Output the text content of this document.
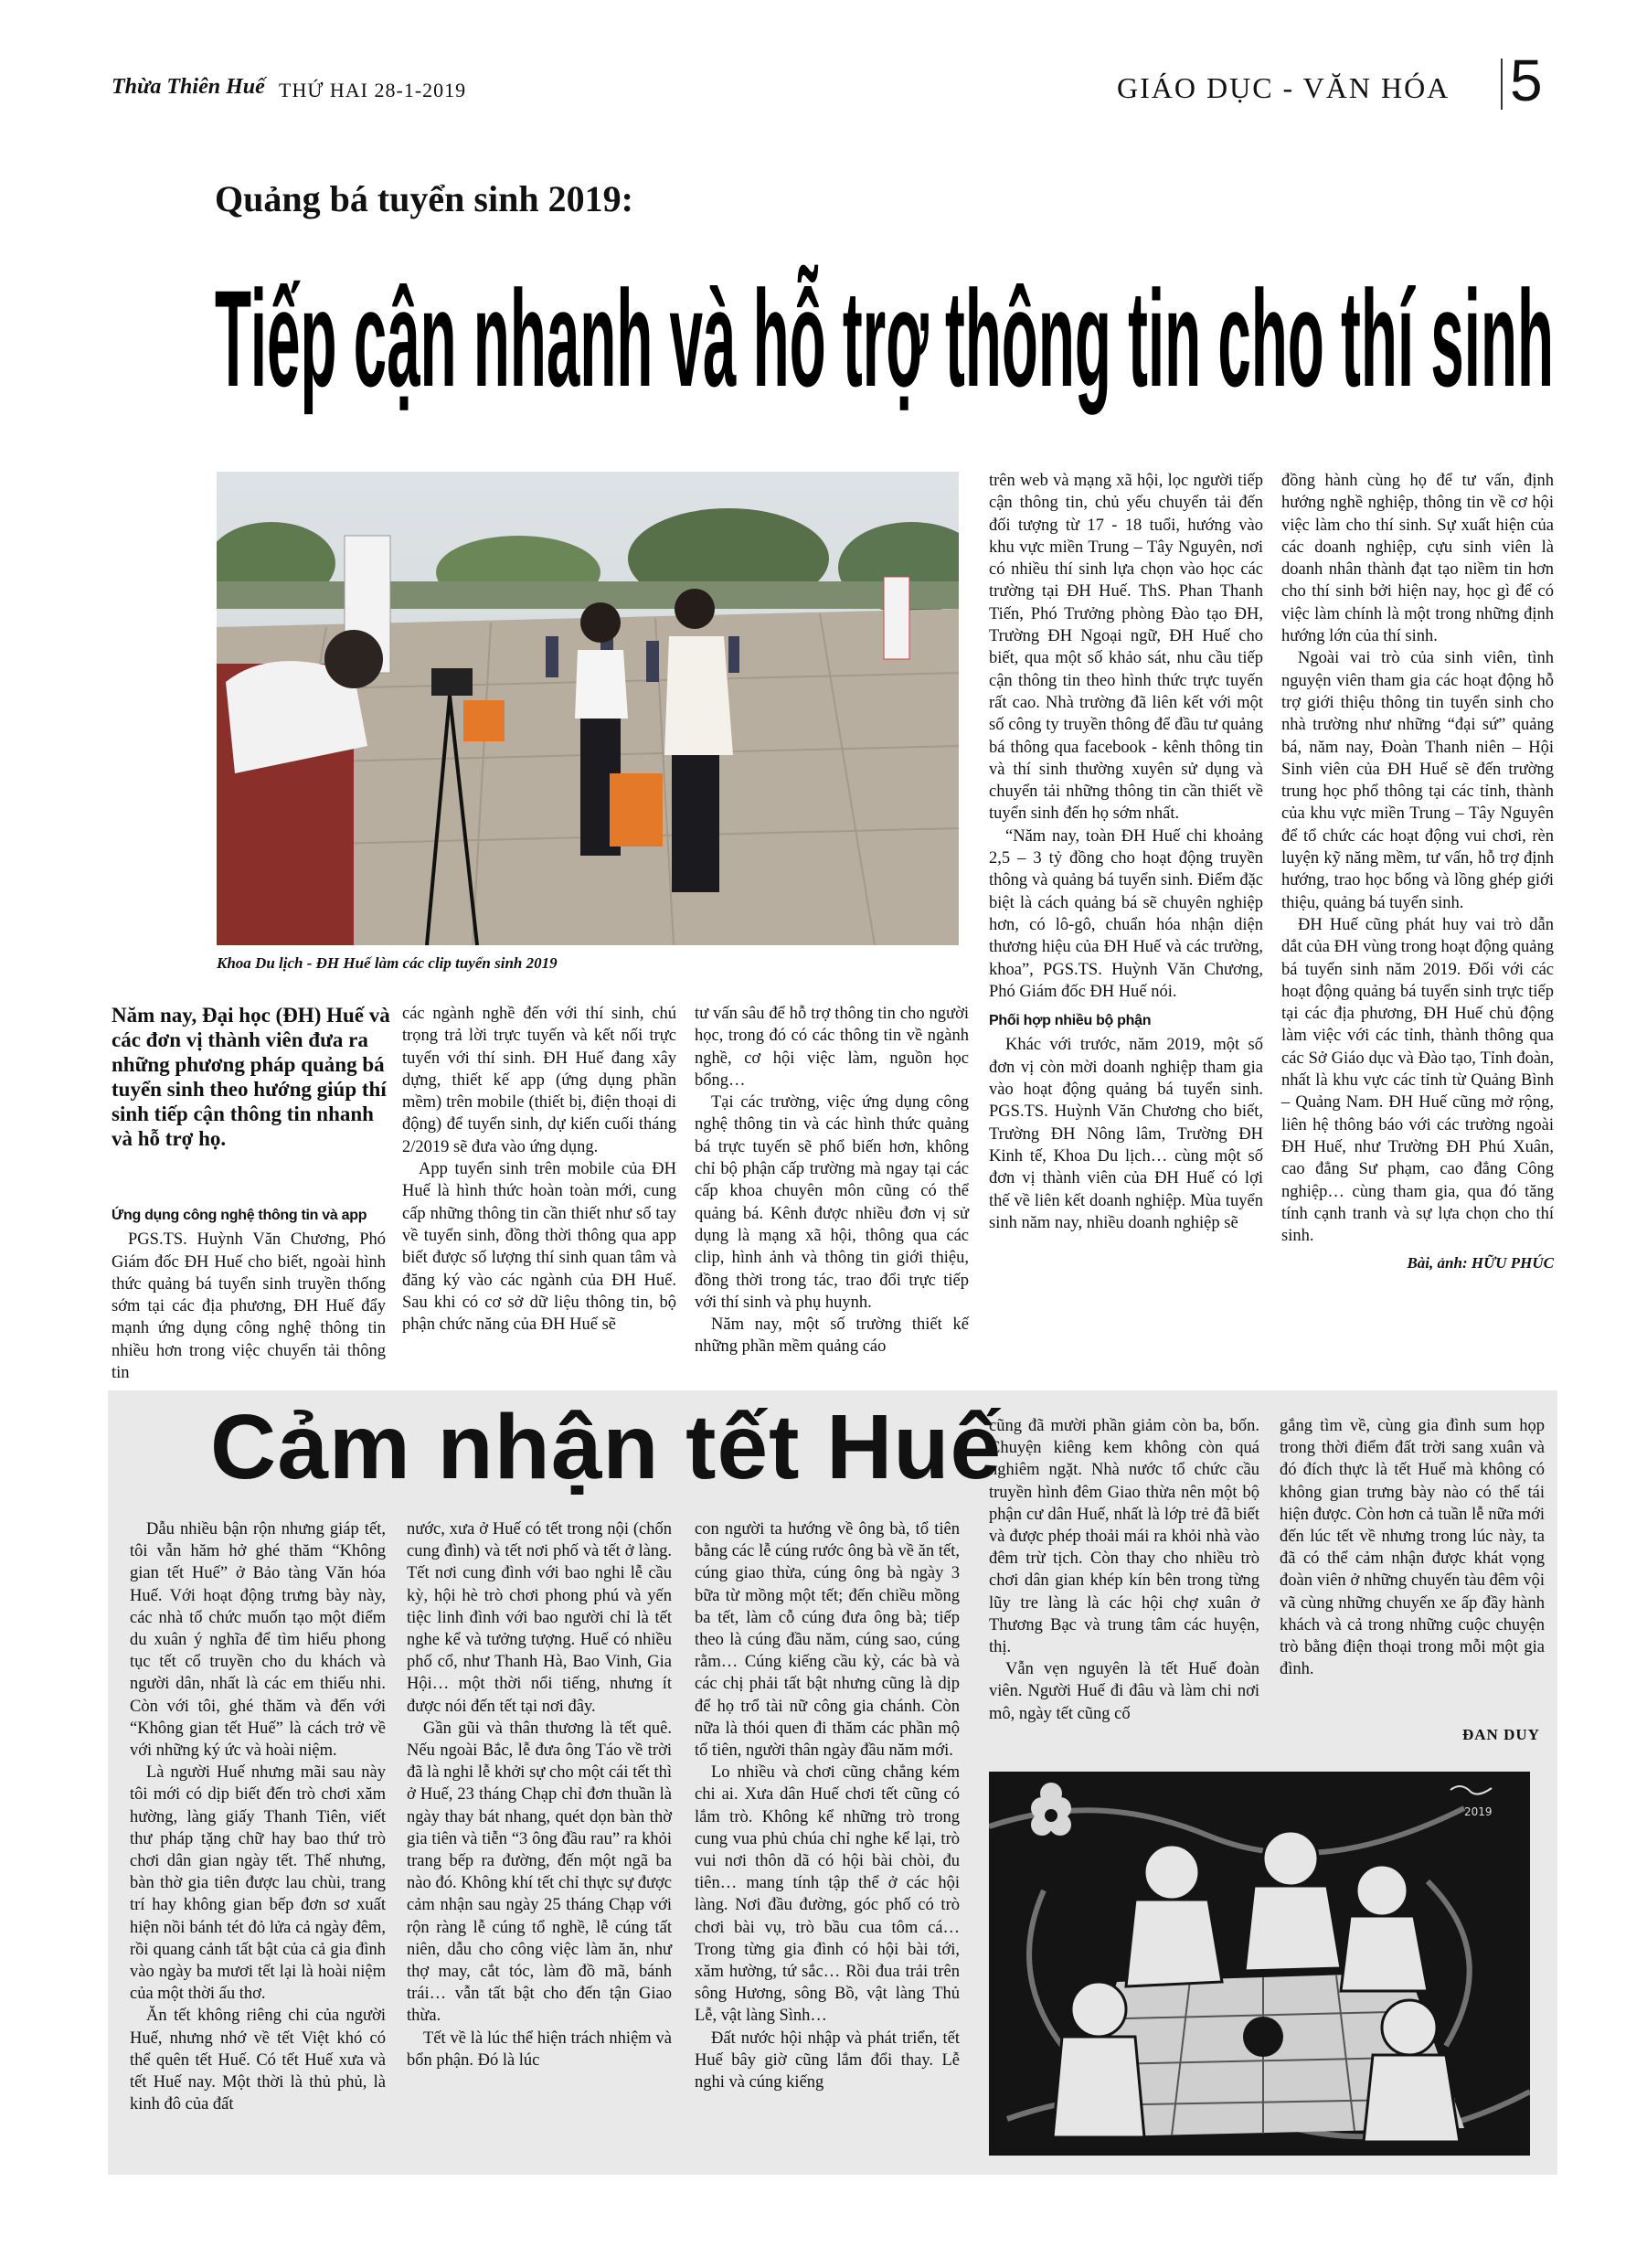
Thừa Thiên Huế THỨ HAI 28-1-2019	GIÁO DỤC - VĂN HÓA 5
Quảng bá tuyển sinh 2019:
Tiếp cận nhanh và hỗ trợ thông tin cho thí sinh
Khoa Du lịch - ĐH Huế làm các clip tuyển sinh 2019
Năm nay, Đại học (ĐH) Huế và các đơn vị thành viên đưa ra những phương pháp quảng bá tuyển sinh theo hướng giúp thí sinh tiếp cận thông tin nhanh và hỗ trợ họ.
Ứng dụng công nghệ thông tin và app

PGS.TS. Huỳnh Văn Chương, Phó Giám đốc ĐH Huế cho biết, ngoài hình thức quảng bá tuyển sinh truyền thống sớm tại các địa phương, ĐH Huế đẩy mạnh ứng dụng công nghệ thông tin nhiều hơn trong việc chuyển tải thông tin

các ngành nghề đến với thí sinh, chú trọng trả lời trực tuyến và kết nối trực tuyến với thí sinh. ĐH Huế đang xây dựng, thiết kế app (ứng dụng phần mềm) trên mobile (thiết bị, điện thoại di động) để tuyển sinh, dự kiến cuối tháng 2/2019 sẽ đưa vào ứng dụng.

App tuyển sinh trên mobile của ĐH Huế là hình thức hoàn toàn mới, cung cấp những thông tin cần thiết như sổ tay về tuyển sinh, đồng thời thông qua app biết được số lượng thí sinh quan tâm và đăng ký vào các ngành của ĐH Huế. Sau khi có cơ sở dữ liệu thông tin, bộ phận chức năng của ĐH Huế sẽ

tư vấn sâu để hỗ trợ thông tin cho người học, trong đó có các thông tin về ngành nghề, cơ hội việc làm, nguồn học bổng…

Tại các trường, việc ứng dụng công nghệ thông tin và các hình thức quảng bá trực tuyến sẽ phổ biến hơn, không chỉ bộ phận cấp trường mà ngay tại các cấp khoa chuyên môn cũng có thể quảng bá. Kênh được nhiều đơn vị sử dụng là mạng xã hội, thông qua các clip, hình ảnh và thông tin giới thiệu, đồng thời trong tác, trao đổi trực tiếp với thí sinh và phụ huynh.

Năm nay, một số trường thiết kế những phần mềm quảng cáo

trên web và mạng xã hội, lọc người tiếp cận thông tin, chủ yếu chuyển tải đến đối tượng từ 17 - 18 tuổi, hướng vào khu vực miền Trung – Tây Nguyên, nơi có nhiều thí sinh lựa chọn vào học các trường tại ĐH Huế. ThS. Phan Thanh Tiến, Phó Trưởng phòng Đào tạo ĐH, Trường ĐH Ngoại ngữ, ĐH Huế cho biết, qua một số khảo sát, nhu cầu tiếp cận thông tin theo hình thức trực tuyến rất cao. Nhà trường đã liên kết với một số công ty truyền thông để đầu tư quảng bá thông qua facebook - kênh thông tin và thí sinh thường xuyên sử dụng và chuyển tải những thông tin cần thiết về tuyển sinh đến họ sớm nhất.

“Năm nay, toàn ĐH Huế chi khoảng 2,5 – 3 tỷ đồng cho hoạt động truyền thông và quảng bá tuyển sinh. Điểm đặc biệt là cách quảng bá sẽ chuyên nghiệp hơn, có lô-gô, chuẩn hóa nhận diện thương hiệu của ĐH Huế và các trường, khoa”, PGS.TS. Huỳnh Văn Chương, Phó Giám đốc ĐH Huế nói.

Phối hợp nhiều bộ phận

Khác với trước, năm 2019, một số đơn vị còn mời doanh nghiệp tham gia vào hoạt động quảng bá tuyển sinh. PGS.TS. Huỳnh Văn Chương cho biết, Trường ĐH Nông lâm, Trường ĐH Kinh tế, Khoa Du lịch… cùng một số đơn vị thành viên của ĐH Huế có lợi thế về liên kết doanh nghiệp. Mùa tuyển sinh năm nay, nhiều doanh nghiệp sẽ

đồng hành cùng họ để tư vấn, định hướng nghề nghiệp, thông tin về cơ hội việc làm cho thí sinh. Sự xuất hiện của các doanh nghiệp, cựu sinh viên là doanh nhân thành đạt tạo niềm tin hơn cho thí sinh bởi hiện nay, học gì để có việc làm chính là một trong những định hướng lớn của thí sinh.

Ngoài vai trò của sinh viên, tình nguyện viên tham gia các hoạt động hỗ trợ giới thiệu thông tin tuyển sinh cho nhà trường như những “đại sứ” quảng bá, năm nay, Đoàn Thanh niên – Hội Sinh viên của ĐH Huế sẽ đến trường trung học phổ thông tại các tỉnh, thành của khu vực miền Trung – Tây Nguyên để tổ chức các hoạt động vui chơi, rèn luyện kỹ năng mềm, tư vấn, hỗ trợ định hướng, trao học bổng và lồng ghép giới thiệu, quảng bá tuyển sinh.

ĐH Huế cũng phát huy vai trò dẫn dắt của ĐH vùng trong hoạt động quảng bá tuyển sinh năm 2019. Đối với các hoạt động quảng bá tuyển sinh trực tiếp tại các địa phương, ĐH Huế chủ động làm việc với các tỉnh, thành thông qua các Sở Giáo dục và Đào tạo, Tỉnh đoàn, nhất là khu vực các tỉnh từ Quảng Bình – Quảng Nam. ĐH Huế cũng mở rộng, liên hệ thông báo với các trường ngoài ĐH Huế, như Trường ĐH Phú Xuân, cao đẳng Sư phạm, cao đẳng Công nghiệp… cùng tham gia, qua đó tăng tính cạnh tranh và sự lựa chọn cho thí sinh.

Bài, ảnh: HỮU PHÚC
Cảm nhận tết Huế

Dẫu nhiều bận rộn nhưng giáp tết, tôi vẫn hăm hở ghé thăm “Không gian tết Huế” ở Bảo tàng Văn hóa Huế. Với hoạt động trưng bày này, các nhà tổ chức muốn tạo một điểm du xuân ý nghĩa để tìm hiểu phong tục tết cổ truyền cho du khách và người dân, nhất là các em thiếu nhi. Còn với tôi, ghé thăm và đến với “Không gian tết Huế” là cách trở về với những ký ức và hoài niệm.

Là người Huế nhưng mãi sau này tôi mới có dịp biết đến trò chơi xăm hường, làng giấy Thanh Tiên, viết thư pháp tặng chữ hay bao thứ trò chơi dân gian ngày tết. Thế nhưng, bàn thờ gia tiên được lau chùi, trang trí hay không gian bếp đơn sơ xuất hiện nồi bánh tét đỏ lửa cả ngày đêm, rồi quang cảnh tất bật của cả gia đình vào ngày ba mươi tết lại là hoài niệm của một thời ấu thơ.

Ăn tết không riêng chi của người Huế, nhưng nhớ về tết Việt khó có thể quên tết Huế. Có tết Huế xưa và tết Huế nay. Một thời là thủ phủ, là kinh đô của đất

nước, xưa ở Huế có tết trong nội (chốn cung đình) và tết nơi phố và tết ở làng. Tết nơi cung đình với bao nghi lễ cầu kỳ, hội hè trò chơi phong phú và yến tiệc linh đình với bao người chỉ là tết nghe kể và tưởng tượng. Huế có nhiều phố cổ, như Thanh Hà, Bao Vinh, Gia Hội… một thời nổi tiếng, nhưng ít được nói đến tết tại nơi đây.

Gần gũi và thân thương là tết quê. Nếu ngoài Bắc, lễ đưa ông Táo về trời đã là nghi lễ khởi sự cho một cái tết thì ở Huế, 23 tháng Chạp chỉ đơn thuần là ngày thay bát nhang, quét dọn bàn thờ gia tiên và tiễn “3 ông đầu rau” ra khỏi trang bếp ra đường, đến một ngã ba nào đó. Không khí tết chỉ thực sự được cảm nhận sau ngày 25 tháng Chạp với rộn ràng lễ cúng tổ nghề, lễ cúng tất niên, dẫu cho công việc làm ăn, như thợ may, cắt tóc, làm đồ mã, bánh trái… vẫn tất bật cho đến tận Giao thừa.

Tết về là lúc thể hiện trách nhiệm và bổn phận. Đó là lúc

con người ta hướng về ông bà, tổ tiên bằng các lễ cúng rước ông bà về ăn tết, cúng giao thừa, cúng ông bà ngày 3 bữa từ mồng một tết; đến chiều mồng ba tết, làm cỗ cúng đưa ông bà; tiếp theo là cúng đầu năm, cúng sao, cúng rằm… Cúng kiếng cầu kỳ, các bà và các chị phải tất bật nhưng cũng là dịp để họ trổ tài nữ công gia chánh. Còn nữa là thói quen đi thăm các phần mộ tổ tiên, người thân ngày đầu năm mới.

Lo nhiều và chơi cũng chẳng kém chi ai. Xưa dân Huế chơi tết cũng có lắm trò. Không kể những trò trong cung vua phủ chúa chỉ nghe kể lại, trò vui nơi thôn dã có hội bài chòi, đu tiên… mang tính tập thể ở các hội làng. Nơi đầu đường, góc phố có trò chơi bài vụ, trò bầu cua tôm cá… Trong từng gia đình có hội bài tới, xăm hường, tứ sắc… Rồi đua trải trên sông Hương, sông Bồ, vật làng Thủ Lễ, vật làng Sình…

Đất nước hội nhập và phát triển, tết Huế bây giờ cũng lắm đổi thay. Lễ nghi và cúng kiếng

cũng đã mười phần giảm còn ba, bốn. Chuyện kiêng kem không còn quá nghiêm ngặt. Nhà nước tổ chức cầu truyền hình đêm Giao thừa nên một bộ phận cư dân Huế, nhất là lớp trẻ đã biết và được phép thoải mái ra khỏi nhà vào đêm trừ tịch. Còn thay cho nhiều trò chơi dân gian khép kín bên trong từng lũy tre làng là các hội chợ xuân ở Thương Bạc và trung tâm các huyện, thị.

Vẫn vẹn nguyên là tết Huế đoàn viên. Người Huế đi đâu và làm chi nơi mô, ngày tết cũng cố

gắng tìm về, cùng gia đình sum họp trong thời điểm đất trời sang xuân và đó đích thực là tết Huế mà không có không gian trưng bày nào có thể tái hiện được. Còn hơn cả tuần lễ nữa mới đến lúc tết về nhưng trong lúc này, ta đã có thể cảm nhận được khát vọng đoàn viên ở những chuyến tàu đêm vội vã cùng những chuyến xe ấp đầy hành khách và cả trong những cuộc chuyện trò bằng điện thoại trong mỗi một gia đình.

ĐAN DUY
2019
